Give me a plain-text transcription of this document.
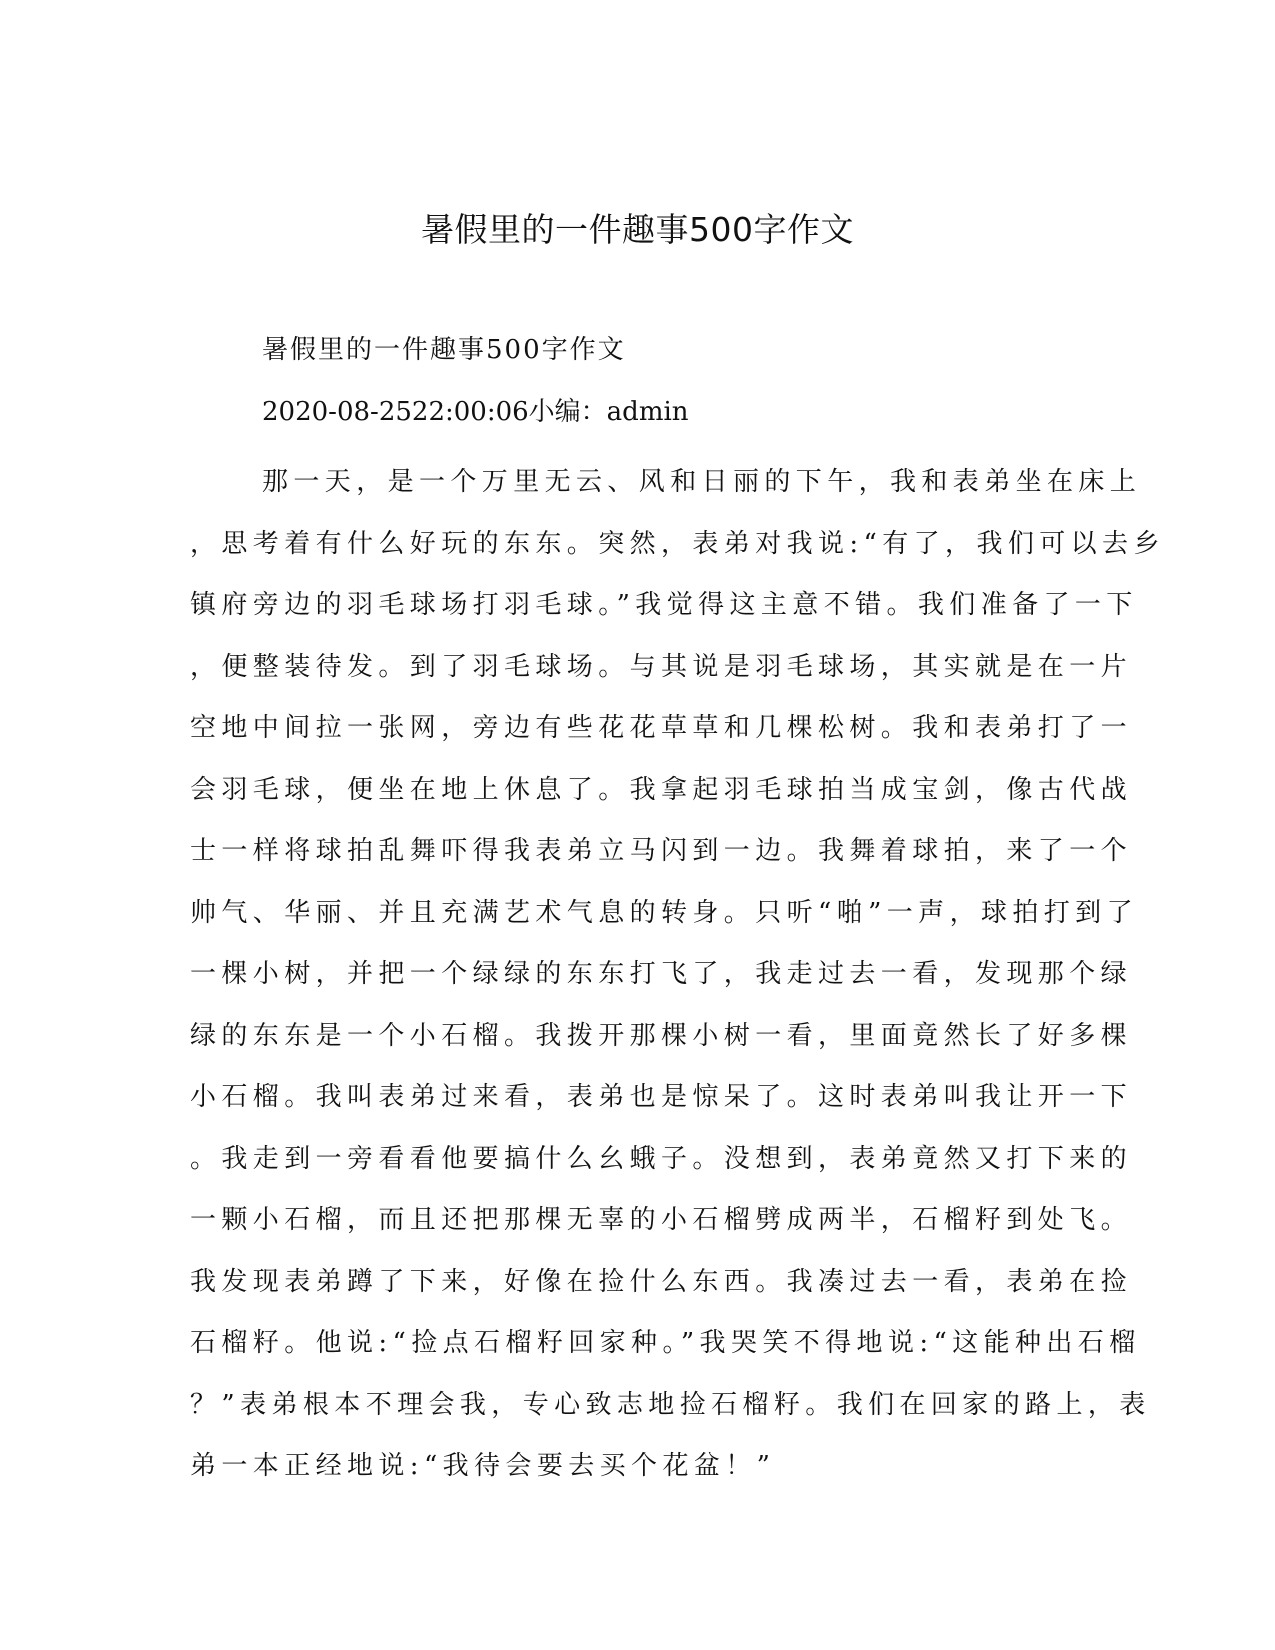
暑假里的一件趣事500字作文
暑假里的一件趣事500字作文
2020-08-2522:00:06小编：admin
那一天，是一个万里无云、风和日丽的下午，我和表弟坐在床上
，思考着有什么好玩的东东。突然，表弟对我说:“有了，我们可以去乡
镇府旁边的羽毛球场打羽毛球。”我觉得这主意不错。我们准备了一下
，便整装待发。到了羽毛球场。与其说是羽毛球场，其实就是在一片
空地中间拉一张网，旁边有些花花草草和几棵松树。我和表弟打了一
会羽毛球，便坐在地上休息了。我拿起羽毛球拍当成宝剑，像古代战
士一样将球拍乱舞吓得我表弟立马闪到一边。我舞着球拍，来了一个
帅气、华丽、并且充满艺术气息的转身。只听“啪”一声，球拍打到了
一棵小树，并把一个绿绿的东东打飞了，我走过去一看，发现那个绿
绿的东东是一个小石榴。我拨开那棵小树一看，里面竟然长了好多棵
小石榴。我叫表弟过来看，表弟也是惊呆了。这时表弟叫我让开一下
。我走到一旁看看他要搞什么幺蛾子。没想到，表弟竟然又打下来的
一颗小石榴，而且还把那棵无辜的小石榴劈成两半，石榴籽到处飞。
我发现表弟蹲了下来，好像在捡什么东西。我凑过去一看，表弟在捡
石榴籽。他说:“捡点石榴籽回家种。”我哭笑不得地说:“这能种出石榴
？”表弟根本不理会我，专心致志地捡石榴籽。我们在回家的路上，表
弟一本正经地说:“我待会要去买个花盆！”
